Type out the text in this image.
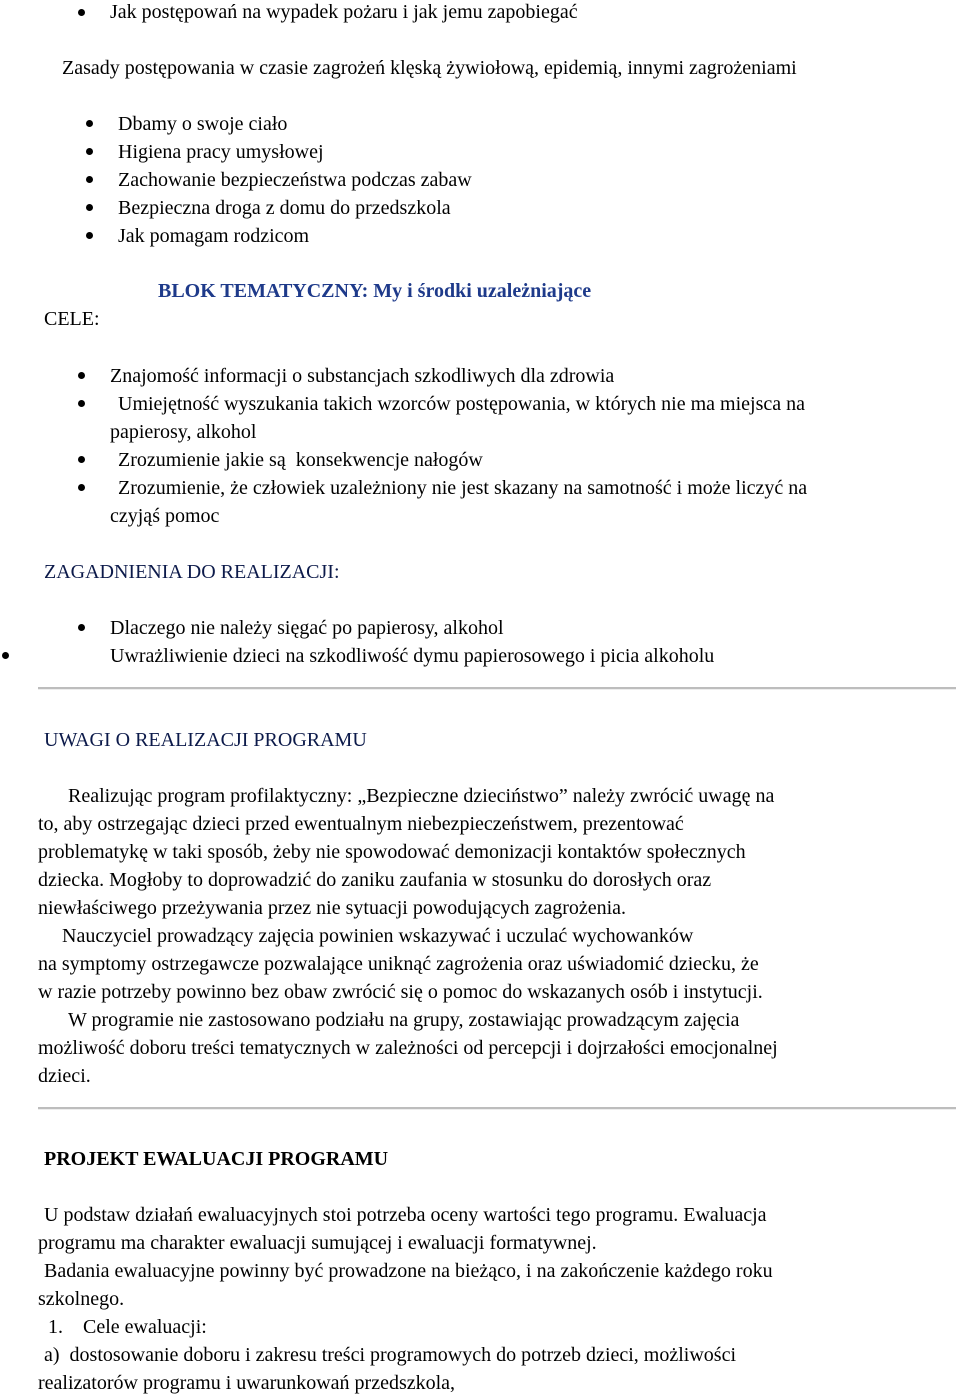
Jak postępowań na wypadek pożaru i jak jemu zapobiegać
Zasady postępowania w czasie zagrożeń klęską żywiołową, epidemią, innymi zagrożeniami
Dbamy o swoje ciało
Higiena pracy umysłowej
Zachowanie bezpieczeństwa podczas zabaw
Bezpieczna droga z domu do przedszkola
Jak pomagam rodzicom
BLOK TEMATYCZNY: My i środki uzależniające
CELE:
Znajomość informacji o substancjach szkodliwych dla zdrowia
Umiejętność wyszukania takich wzorców postępowania, w których nie ma miejsca na
papierosy, alkohol
Zrozumienie jakie są  konsekwencje nałogów
Zrozumienie, że człowiek uzależniony nie jest skazany na samotność i może liczyć na
czyjąś pomoc
ZAGADNIENIA DO REALIZACJI:
Dlaczego nie należy sięgać po papierosy, alkohol
Uwrażliwienie dzieci na szkodliwość dymu papierosowego i picia alkoholu
UWAGI O REALIZACJI PROGRAMU
Realizując program profilaktyczny: „Bezpieczne dzieciństwo” należy zwrócić uwagę na
to, aby ostrzegając dzieci przed ewentualnym niebezpieczeństwem, prezentować
problematykę w taki sposób, żeby nie spowodować demonizacji kontaktów społecznych
dziecka. Mogłoby to doprowadzić do zaniku zaufania w stosunku do dorosłych oraz
niewłaściwego przeżywania przez nie sytuacji powodujących zagrożenia.
Nauczyciel prowadzący zajęcia powinien wskazywać i uczulać wychowanków
na symptomy ostrzegawcze pozwalające uniknąć zagrożenia oraz uświadomić dziecku, że
w razie potrzeby powinno bez obaw zwrócić się o pomoc do wskazanych osób i instytucji.
W programie nie zastosowano podziału na grupy, zostawiając prowadzącym zajęcia
możliwość doboru treści tematycznych w zależności od percepcji i dojrzałości emocjonalnej
dzieci.
PROJEKT EWALUACJI PROGRAMU
U podstaw działań ewaluacyjnych stoi potrzeba oceny wartości tego programu. Ewaluacja
programu ma charakter ewaluacji sumującej i ewaluacji formatywnej.
Badania ewaluacyjne powinny być prowadzone na bieżąco, i na zakończenie każdego roku
szkolnego.
1.    Cele ewaluacji:
a)  dostosowanie doboru i zakresu treści programowych do potrzeb dzieci, możliwości
realizatorów programu i uwarunkowań przedszkola,
